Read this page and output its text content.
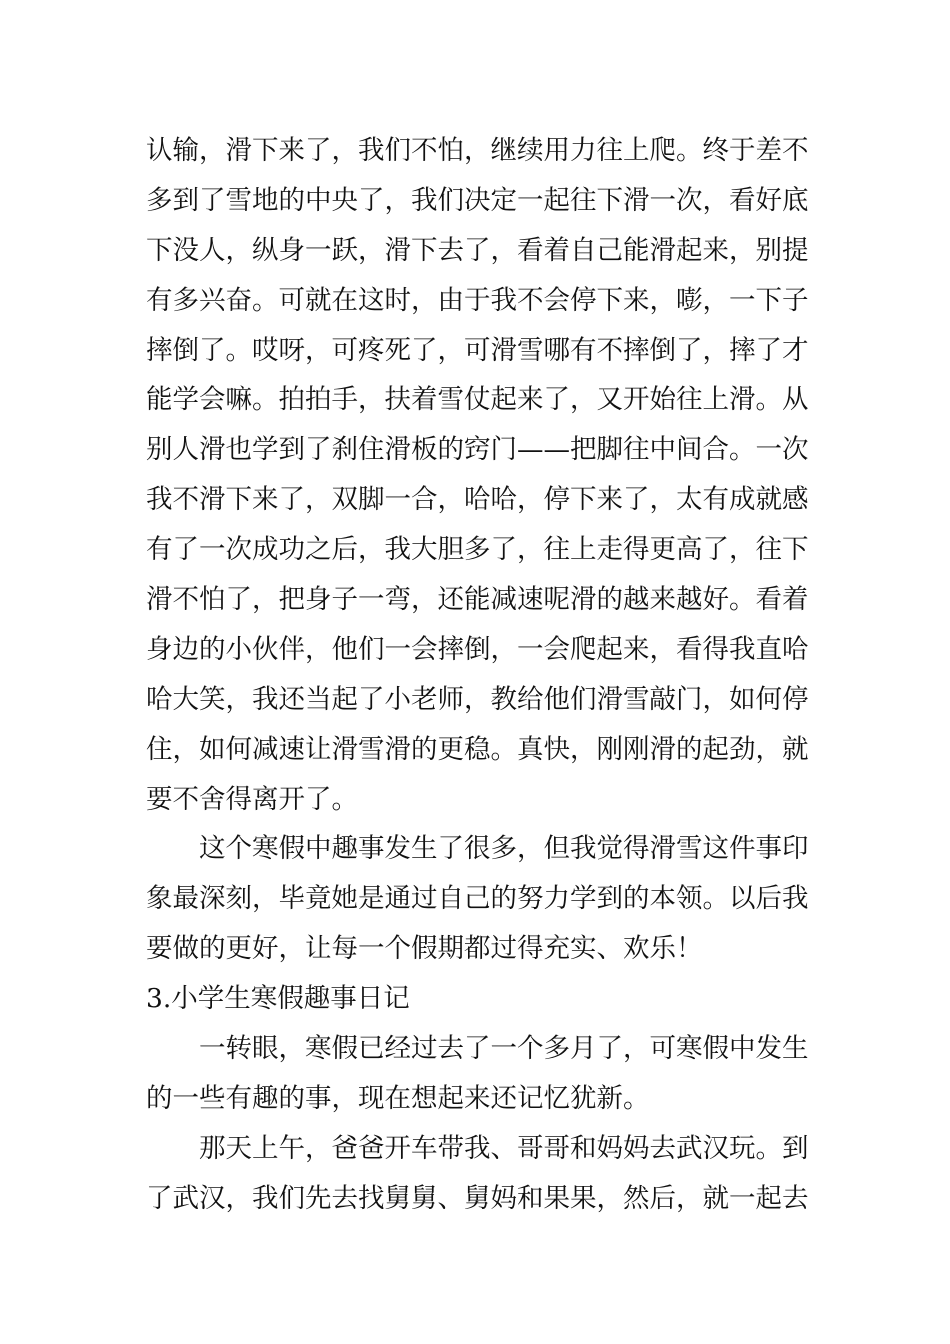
认输，滑下来了，我们不怕，继续用力往上爬。终于差不
多到了雪地的中央了，我们决定一起往下滑一次，看好底
下没人，纵身一跃，滑下去了，看着自己能滑起来，别提
有多兴奋。可就在这时，由于我不会停下来，嘭，一下子
摔倒了。哎呀，可疼死了，可滑雪哪有不摔倒了，摔了才
能学会嘛。拍拍手，扶着雪仗起来了，又开始往上滑。从
别人滑也学到了刹住滑板的窍门——把脚往中间合。一次
我不滑下来了，双脚一合，哈哈，停下来了，太有成就感
有了一次成功之后，我大胆多了，往上走得更高了，往下
滑不怕了，把身子一弯，还能减速呢滑的越来越好。看着
身边的小伙伴，他们一会摔倒，一会爬起来，看得我直哈
哈大笑，我还当起了小老师，教给他们滑雪敲门，如何停
住，如何减速让滑雪滑的更稳。真快，刚刚滑的起劲，就
要不舍得离开了。
这个寒假中趣事发生了很多，但我觉得滑雪这件事印
象最深刻，毕竟她是通过自己的努力学到的本领。以后我
要做的更好，让每一个假期都过得充实、欢乐！
3.小学生寒假趣事日记
一转眼，寒假已经过去了一个多月了，可寒假中发生
的一些有趣的事，现在想起来还记忆犹新。
那天上午，爸爸开车带我、哥哥和妈妈去武汉玩。到
了武汉，我们先去找舅舅、舅妈和果果，然后，就一起去
